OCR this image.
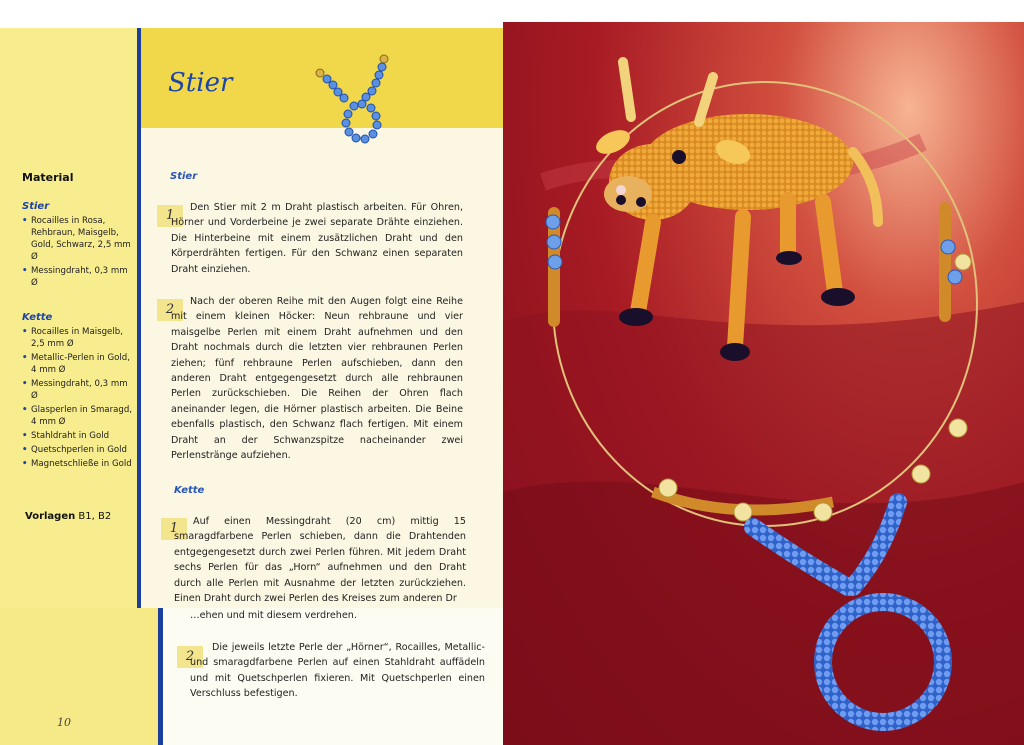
Stier
Material
Stier
• Rocailles in Rosa, Rehbraun, Maisgelb, Gold, Schwarz, 2,5 mm Ø
• Messingdraht, 0,3 mm Ø
Kette
• Rocailles in Maisgelb, 2,5 mm Ø
• Metallic-Perlen in Gold, 4 mm Ø
• Messingdraht, 0,3 mm Ø
• Glasperlen in Smaragd, 4 mm Ø
• Stahldraht in Gold
• Quetschperlen in Gold
• Magnetschließe in Gold
Vorlagen B1, B2
Stier
1

Den Stier mit 2 m Draht plastisch arbeiten. Für Ohren, Hörner und Vorderbeine je zwei separate Drähte einziehen. Die Hinterbeine mit einem zusätzlichen Draht und den Körperdrähten fertigen. Für den Schwanz einen separaten Draht einziehen.

2

Nach der oberen Reihe mit den Augen folgt eine Reihe mit einem kleinen Höcker: Neun rehbraune und vier maisgelbe Perlen mit einem Draht aufnehmen und den Draht nochmals durch die letzten vier rehbraunen Perlen ziehen; fünf rehbraune Perlen aufschieben, dann den anderen Draht entgegengesetzt durch alle rehbraunen Perlen zurückschieben. Die Reihen der Ohren flach aneinander legen, die Hörner plastisch arbeiten. Die Beine ebenfalls plastisch, den Schwanz flach fertigen. Mit einem Draht an der Schwanzspitze nacheinander zwei Perlenstränge aufziehen.

Kette
1	Auf einen Messingdraht (20 cm) mittig 15 smaragdfarbene Perlen schieben, dann die Drahtenden entgegengesetzt durch zwei Perlen führen. Mit jedem Draht sechs Perlen für das „Horn“ aufnehmen und den Draht durch alle Perlen mit Ausnahme der letzten zurückziehen. Einen Draht durch zwei Perlen des Kreises zum anderen Dr

…ehen und mit diesem verdrehen.

2

Die jeweils letzte Perle der „Hörner“, Rocailles, Metallic- und smaragdfarbene Perlen auf einen Stahldraht auffädeln und mit Quetschperlen fixieren. Mit Quetschperlen einen Verschluss befestigen.

10
